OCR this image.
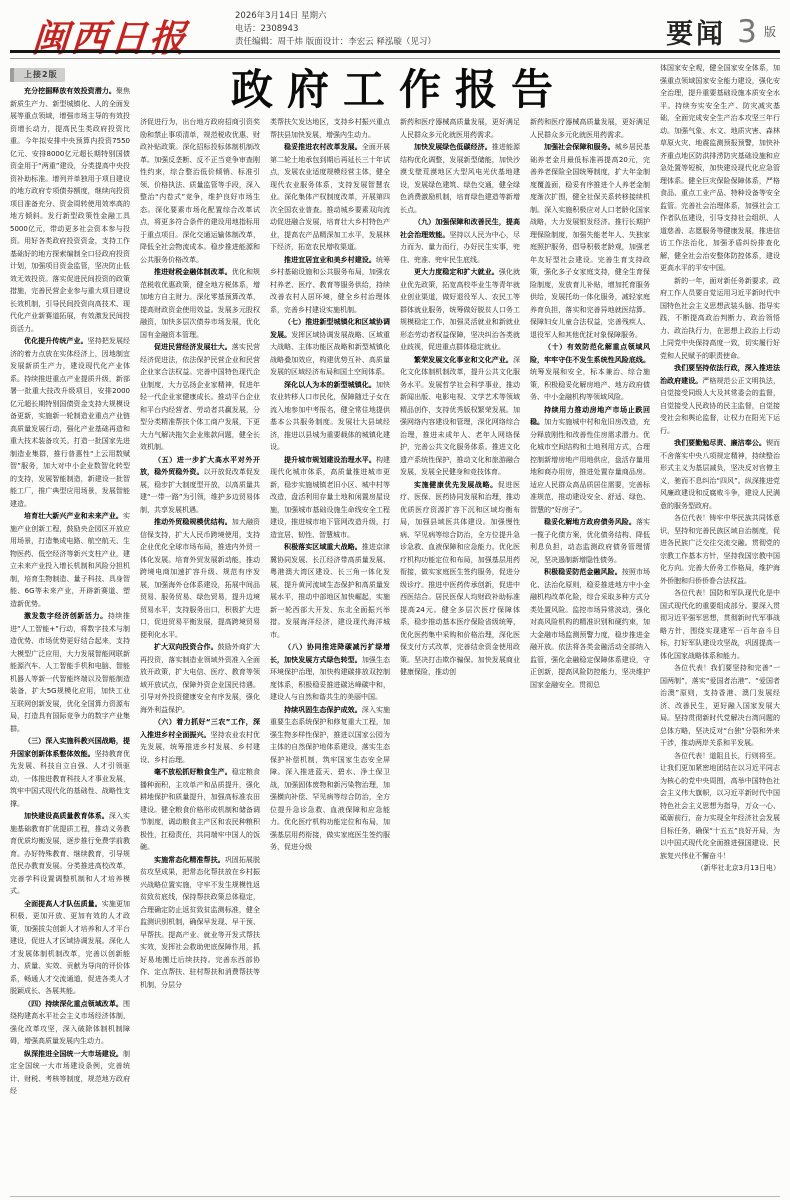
闽西日报	2026年3月14日 星期六
电话：2308943
责任编辑：周千炜 版面设计：李宏云 释泓璇（见习）	要闻 3 版
上接2版

充分挖掘释放有效投资潜力。聚焦新质生产力、新型城镇化、人的全面发展等重点领域，增强市场主导的有效投资增长动力，提高民生类政府投资比重。今年拟安排中央预算内投资7550亿元、安排8000亿元超长期特别国债资金用于“两重”建设，分类提高中央投资补助标准。增列并单独用于项目建设的地方政府专项债券额度，继续向投资项目准备充分、资金周转使用效率高的地方倾斜。发行新型政策性金融工具5000亿元，带动更多社会资本参与投资。用好各类政府投资资金，支持工作基础好的地方探索编制全口径政府投资计划，加强项目资金监管，坚决防止低效无效投资。落实促进民间投资的政策措施，完善民营企业参与重大项目建设长效机制，引导民间投资向高技术、现代化产业新赛道拓展，有效激发民间投资活力。

优化提升传统产业。坚持把发展经济的着力点放在实体经济上，因地制宜发展新质生产力，建设现代化产业体系。持续推进重点产业提质升级，新部署一批重大技改升级项目，安排2000亿元超长期特别国债资金支持大规模设备更新，实施新一轮制造业重点产业链高质量发展行动，强化产业基础再造和重大技术装备攻关。打造一批国家先进制造业集群，推行普惠性“上云用数赋智”服务，加大对中小企业数智化转型的支持，发展智能制造，新建设一批智能工厂，推广典型应用场景，发展智能建造。

培育壮大新兴产业和未来产业。实施产业创新工程，鼓励央企园区开放应用场景，打造集成电路、航空航天、生物医药、低空经济等新兴支柱产业，建立未来产业投入增长机制和风险分担机制，培育生物制造、量子科技、具身智能、6G等未来产业，开辟新赛道、塑造新优势。

激发数字经济创新活力。持续推进“人工智能+”行动，将数字技术与制造优势、市场优势更好结合起来，支持大模型广泛应用，大力发展智能网联新能源汽车、人工智能手机和电脑、智能机器人等新一代智能终端以及智能制造装备，扩大5G规模化应用，加快工业互联网创新发展，优化全国算力资源布局，打造具有国际竞争力的数字产业集群。

（三）深入实施科教兴国战略，提升国家创新体系整体效能。坚持教育优先发展、科技自立自强、人才引领驱动，一体推进教育科技人才事业发展，筑牢中国式现代化的基础性、战略性支撑。

加快建设高质量教育体系。深入实施基础教育扩优提质工程，推动义务教育优质均衡发展，逐步推行免费学前教育。办好特殊教育、继续教育，引导规范民办教育发展。分类推进高校改革，完善学科设置调整机制和人才培养模式。

全面提高人才队伍质量。实施更加积极、更加开放、更加有效的人才政策，加强拔尖创新人才培养和人才平台建设，促进人才区域协调发展。深化人才发展体制机制改革，完善以创新能力、质量、实效、贡献为导向的评价体系，畅通人才交流通道，促进各类人才脱颖成长、各展其能。

（四）持续深化重点领域改革。围绕构建高水平社会主义市场经济体制，强化改革攻坚，深入破除体制机制障碍，增强高质量发展内生动力。

纵深推进全国统一大市场建设。制定全国统一大市场建设条例，完善统计、财税、考核等制度，规范地方政府经

济促进行为，出台地方政府招商引资奖励和禁止事项清单，规范税收优惠、财政补贴政策。深化招标投标体制机制改革。加强反垄断、反不正当竞争审查刚性约束，综合整治低价倾销、标准引领、价格执法、质量监管等手段，深入整治“内卷式”竞争，维护良好市场生态。深化要素市场化配置综合改革试点，将更多符合条件的建设用地指标用于重点项目。深化交通运输体制改革，降低全社会物流成本。稳步推进能源和公共服务价格改革。

推进财税金融体制改革。优化和规范税收优惠政策，健全地方税体系，增加地方自主财力。深化零基预算改革，提高财政资金使用效益。发展多元股权融资，加快多层次债券市场发展，优化国有金融资本管理。

促进民营经济发展壮大。落实民营经济促进法，依法保护民营企业和民营企业家合法权益。完善中国特色现代企业制度，大力弘扬企业家精神，促进年轻一代企业家健康成长。推动平台企业和平台内经营者、劳动者共赢发展，分型分类精准帮扶个体工商户发展，下更大力气解决拖欠企业账款问题，健全长效机制。

（五）进一步扩大高水平对外开放，稳外贸稳外资。以开放促改革促发展，稳步扩大制度型开放，以高质量共建“一带一路”为引领，维护多边贸易体制，共享发展机遇。

推动外贸稳规模优结构。加大融资信保支持，扩大人民币跨境使用，支持企业优化全球市场布局，推进内外贸一体化发展。培育外贸发展新动能，推动跨境电商加速扩容升级、规范有序发展，加强海外仓体系建设，拓展中间品贸易、服务贸易、绿色贸易，提升边境贸易水平，支持服务出口，积极扩大进口，促进贸易平衡发展，提高跨境贸易便利化水平。

扩大双向投资合作。鼓励外商扩大再投资，落实制造业领域外资准入全面放开政策，扩大电信、医疗、教育等领域开放试点，保障外资企业国民待遇。引导对外投资健康安全有序发展，强化海外利益保护。

（六）着力抓好“三农”工作，深入推进乡村全面振兴。坚持农业农村优先发展，统筹推进乡村发展、乡村建设、乡村治理。

毫不放松抓好粮食生产。稳定粮食播种面积，主攻单产和品质提升，强化耕地保护和质量提升，加强高标准农田建设。健全粮食价格形成机制和储备调节制度，调动粮食主产区和农民种粮积极性，扛稳责任，共同端牢中国人的饭碗。

实施常态化精准帮扶。巩固拓展脱贫攻坚成果，把常态化帮扶放在乡村振兴战略位置实施，守牢不发生规模性返贫致贫底线，保持帮扶政策总体稳定，合理确定防止返贫致贫监测标准，健全监测识别机制，确保早发现、早干预、早帮扶。提高产业、就业等开发式帮扶实效，发挥社会救助兜底保障作用，抓好易地搬迁后续扶持。完善东西部协作、定点帮扶、驻村帮扶和消费帮扶等机制，分层分

类帮扶欠发达地区，支持乡村振兴重点帮扶县加快发展，增强内生动力。

稳妥推进农村改革发展。全面开展第二轮土地承包到期后再延长三十年试点，发展农业适度规模经营主体，健全现代农业服务体系，支持发展智慧农业。深化集体产权制度改革，开展第四次全国农业普查。推动城乡要素双向流动促进融合发展，培育壮大乡村特色产业，提高农产品精深加工水平，发展林下经济，拓宽农民增收渠道。

推进宜居宜业和美乡村建设。统筹乡村基础设施和公共服务布局，加强农村养老、医疗、教育等服务供给，持续改善农村人居环境，健全乡村治理体系，完善乡村建设实施机制。

（七）推进新型城镇化和区域协调发展。发挥区域协调发展战略、区域重大战略、主体功能区战略和新型城镇化战略叠加效应，构建优势互补、高质量发展的区域经济布局和国土空间体系。

深化以人为本的新型城镇化。加快农业转移人口市民化，保障随迁子女在流入地参加中考报名，健全常住地提供基本公共服务制度。发展壮大县域经济，推进以县城为重要载体的城镇化建设。

提升城市规划建设治理水平。构建现代化城市体系，高质量推进城市更新，稳步实施城镇老旧小区、城中村等改造，盘活利用存量土地和闲置房屋设施，加强城市基础设施生命线安全工程建设，推进城市地下管网改造升级，打造宜居、韧性、智慧城市。

积极落实区域重大战略。推进京津冀协同发展、长江经济带高质量发展、粤港澳大湾区建设、长三角一体化发展，提升黄河流域生态保护和高质量发展水平，推动中部地区加快崛起，实施新一轮西部大开发、东北全面振兴举措。发展海洋经济，建设现代海洋城市。

（八）协同推进降碳减污扩绿增长，加快发展方式绿色转型。加强生态环境保护治理，加快构建碳排放双控制度体系，积极稳妥推进碳达峰碳中和，建设人与自然和谐共生的美丽中国。

持续巩固生态保护成效。深入实施重要生态系统保护和修复重大工程，加强生物多样性保护，推进以国家公园为主体的自然保护地体系建设，落实生态保护补偿机制，筑牢国家生态安全屏障。深入推进蓝天、碧水、净土保卫战，加强固体废物和新污染物治理，加强横向补偿、罕见病等综合防治，全方位提升急诊急救、血液保障和应急能力。优化医疗机构功能定位和布局，加强基层用药衔接，做实家庭医生签约服务，促进分级

新药和医疗器械高质量发展，更好满足人民群众多元化就医用药需求。

加快发展绿色低碳经济。推进能源结构优化调整，发展新型储能，加快沙漠戈壁荒漠地区大型风电光伏基地建设，发展绿色建筑、绿色交通，健全绿色消费激励机制，培育绿色建造等新增长点。

（九）加强保障和改善民生，提高社会治理效能。坚持以人民为中心，尽力而为、量力而行，办好民生实事，兜住、兜准、兜牢民生底线。

更大力度稳定和扩大就业。强化就业优先政策，拓宽高校毕业生等青年就业创业渠道，做好退役军人、农民工等群体就业服务，统筹做好脱贫人口务工规模稳定工作，加强灵活就业和新就业形态劳动者权益保障，坚决纠治各类就业歧视，促进重点群体稳定就业。

繁荣发展文化事业和文化产业。深化文化体制机制改革，提升公共文化服务水平。发展哲学社会科学事业，推动新闻出版、电影电视、文学艺术等领域精品创作，支持优秀版权繁荣发展。加强网络内容建设和管理，深化网络综合治理，推进未成年人、老年人网络保护，完善公共文化服务体系。推进文化遗产系统性保护，推动文化和旅游融合发展，发展全民健身和竞技体育。

实施健康优先发展战略。促进医疗、医保、医药协同发展和治理，推动优质医疗资源扩容下沉和区域均衡布局，加强县域医共体建设。加强慢性病、罕见病等综合防治，全方位提升急诊急救、血液保障和应急能力。优化医疗机构功能定位和布局，加强基层用药衔接，做实家庭医生签约服务，促进分级诊疗。推进中医药传承创新，促进中西医结合。居民医保人均财政补助标准提高24元。健全多层次医疗保障体系，稳步推动基本医疗保险省级统筹，优化医药集中采购和价格治理，深化医保支付方式改革，完善结余资金使用政策。坚决打击欺诈骗保。加快发展商业健康保险，推动创

新药和医疗器械高质量发展，更好满足人民群众多元化就医用药需求。

加强社会保障和服务。城乡居民基础养老金月最低标准再提高20元，完善养老保险全国统筹制度，扩大年金制度覆盖面，稳妥有序推进个人养老金制度渐次扩围，健全社保关系转移接续机制。深入实施积极应对人口老龄化国家战略，大力发展银发经济。推行长期护理保险制度，加强失能老年人、失独家庭照护服务，倡导积极老龄观，加强老年友好型社会建设。完善生育支持政策，强化多子女家庭支持，健全生育保险制度，发放育儿补贴，增加托育服务供给，发展托幼一体化服务，减轻家庭养育负担，落实和完善异地就医结算。保障妇女儿童合法权益，完善残疾人、退役军人和其他优抚对象保障服务。

（十）有效防范化解重点领域风险，牢牢守住不发生系统性风险底线。统筹发展和安全，标本兼治、综合施策，积极稳妥化解房地产、地方政府债务、中小金融机构等领域风险。

持续用力推动房地产市场止跌回稳。加力实施城中村和危旧房改造，充分释放刚性和改善性住房需求潜力。优化城市空间结构和土地利用方式，合理控制新增房地产用地供应，盘活存量用地和商办用房，推进处置存量商品房。适应人民群众高品质居住需要，完善标准规范，推动建设安全、舒适、绿色、智慧的“好房子”。

稳妥化解地方政府债务风险。落实一揽子化债方案，优化债务结构、降低利息负担，动态监测政府债务管理情况，坚决遏制新增隐性债务。

积极稳妥防范金融风险。按照市场化、法治化原则，稳妥推进地方中小金融机构改革化险，综合采取多种方式分类处置风险。监控市场异常波动，强化对高风险机构的精准识别和硬约束，加大金融市场监测预警力度，稳步推进金融开放。依法将各类金融活动全部纳入监管，强化金融稳定保障体系建设，守正创新，提高风险防控能力，坚决维护国家金融安全。贯彻总

体国家安全观，健全国家安全体系，加强重点领域国家安全能力建设，强化安全治理，提升重要基础设施本质安全水平。持续夯实安全生产、防灾减灾基础，全面完成安全生产治本攻坚三年行动。加强气象、水文、地质灾害、森林草原火灾、地震监测预报预警，加快补齐重点地区防洪排涝防灾基础设施和应急处置等短板，加快建设现代化应急管理体系。健全巨灾保险保障体系，严格食品、重点工业产品、特种设备等安全监管。完善社会治理体系，加强社会工作者队伍建设，引导支持社会组织、人道慈善、志愿服务等健康发展，推进信访工作法治化，加强矛盾纠纷排查化解，健全社会治安整体防控体系，建设更高水平的平安中国。

新的一年，面对新任务新要求，政府工作人员要自觉运用习近平新时代中国特色社会主义思想武装头脑、指导实践，不断提高政治判断力、政治领悟力、政治执行力，在思想上政治上行动上同党中央保持高度一致，切实履行好党和人民赋予的职责使命。

我们要坚持依法行政，深入推进法治政府建设。严格规范公正文明执法，自觉接受同级人大及其常委会的监督，自觉接受人民政协的民主监督，自觉接受社会和舆论监督，让权力在阳光下运行。

我们要勤勉尽责、廉洁奉公。锲而不舍落实中央八项规定精神，持续整治形式主义为基层减负，坚决反对官僚主义，驰而不息纠治“四风”。纵深推进党风廉政建设和反腐败斗争，建设人民满意的服务型政府。

各位代表！铸牢中华民族共同体意识，坚持和完善民族区域自治制度，促进各民族广泛交往交流交融。贯彻党的宗教工作基本方针，坚持我国宗教中国化方向。完善大侨务工作格局，维护海外侨胞和归侨侨眷合法权益。

各位代表！国防和军队现代化是中国式现代化的重要组成部分。要深入贯彻习近平强军思想，贯彻新时代军事战略方针，围绕实现建军一百年奋斗目标，打好军队建设攻坚战，巩固提高一体化国家战略体系和能力。

各位代表！我们要坚持和完善“一国两制”，落实“爱国者治港”、“爱国者治澳”原则，支持香港、澳门发展经济、改善民生，更好融入国家发展大局。坚持贯彻新时代党解决台湾问题的总体方略，坚决反对“台独”分裂和外来干涉，推动两岸关系和平发展。

各位代表！道阻且长，行则将至。让我们更加紧密地团结在以习近平同志为核心的党中央周围，高举中国特色社会主义伟大旗帜，以习近平新时代中国特色社会主义思想为指导，万众一心、砥砺前行，奋力实现全年经济社会发展目标任务，确保“十五五”良好开局，为以中国式现代化全面推进强国建设、民族复兴伟业不懈奋斗！

（新华社北京3月13日电）

政府工作报告
